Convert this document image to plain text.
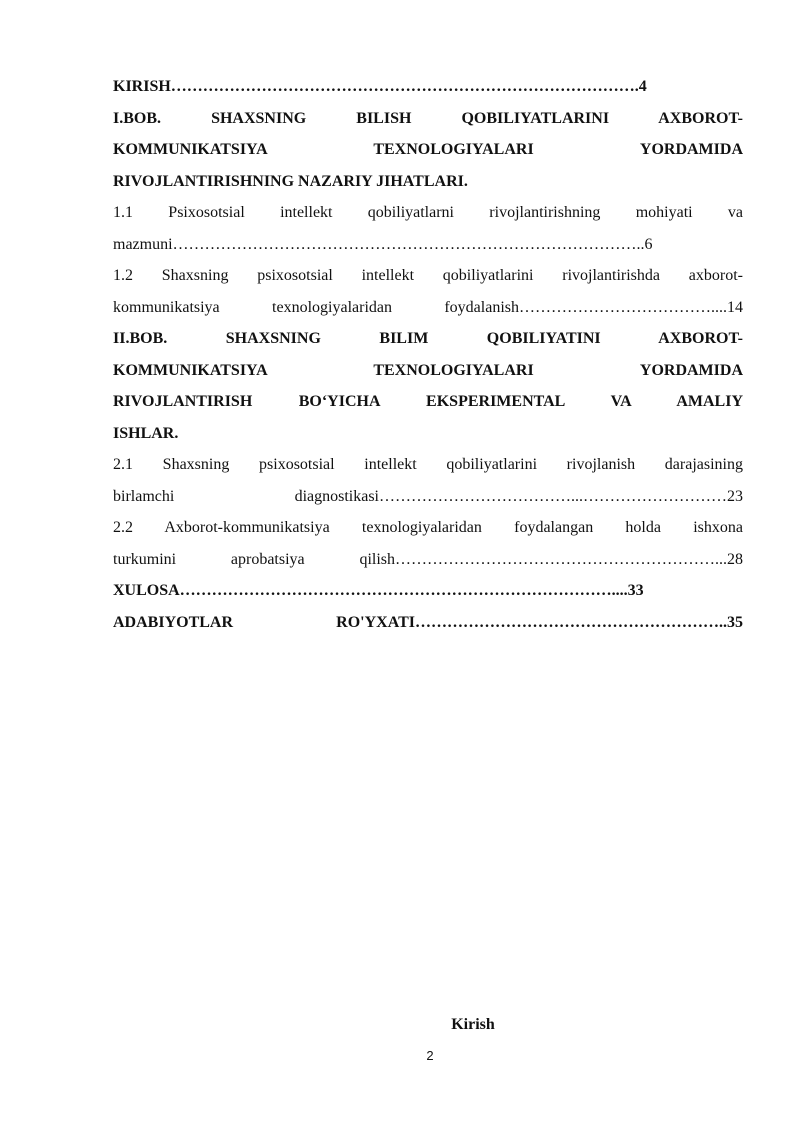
KIRISH…………………………………………………………………………….4
I.BOB. SHAXSNING BILISH QOBILIYATLARINI AXBOROT-
KOMMUNIKATSIYA TEXNOLOGIYALARI YORDAMIDA
RIVOJLANTIRISHNING NAZARIY JIHATLARI.
1.1 Psixosotsial intellekt qobiliyatlarni rivojlantirishning mohiyati va
mazmuni……………………………………………………………………………..6
1.2 Shaxsning psixosotsial intellekt qobiliyatlarini rivojlantirishda axborot-
kommunikatsiya texnologiyalaridan foydalanish………………………………....14
II.BOB. SHAXSNING BILIM QOBILIYATINI AXBOROT-
KOMMUNIKATSIYA TEXNOLOGIYALARI YORDAMIDA
RIVOJLANTIRISH BO‘YICHA EKSPERIMENTAL VA AMALIY
ISHLAR.
2.1 Shaxsning psixosotsial intellekt qobiliyatlarini rivojlanish darajasining
birlamchi diagnostikasi………………………………...………………………23
2.2 Axborot-kommunikatsiya texnologiyalaridan foydalangan holda ishxona
turkumini aprobatsiya qilish……………………………………………………...28
XULOSA………………………………………………………………………....33
ADABIYOTLAR RO'YXATI…………………………………………………..35
Kirish
2
